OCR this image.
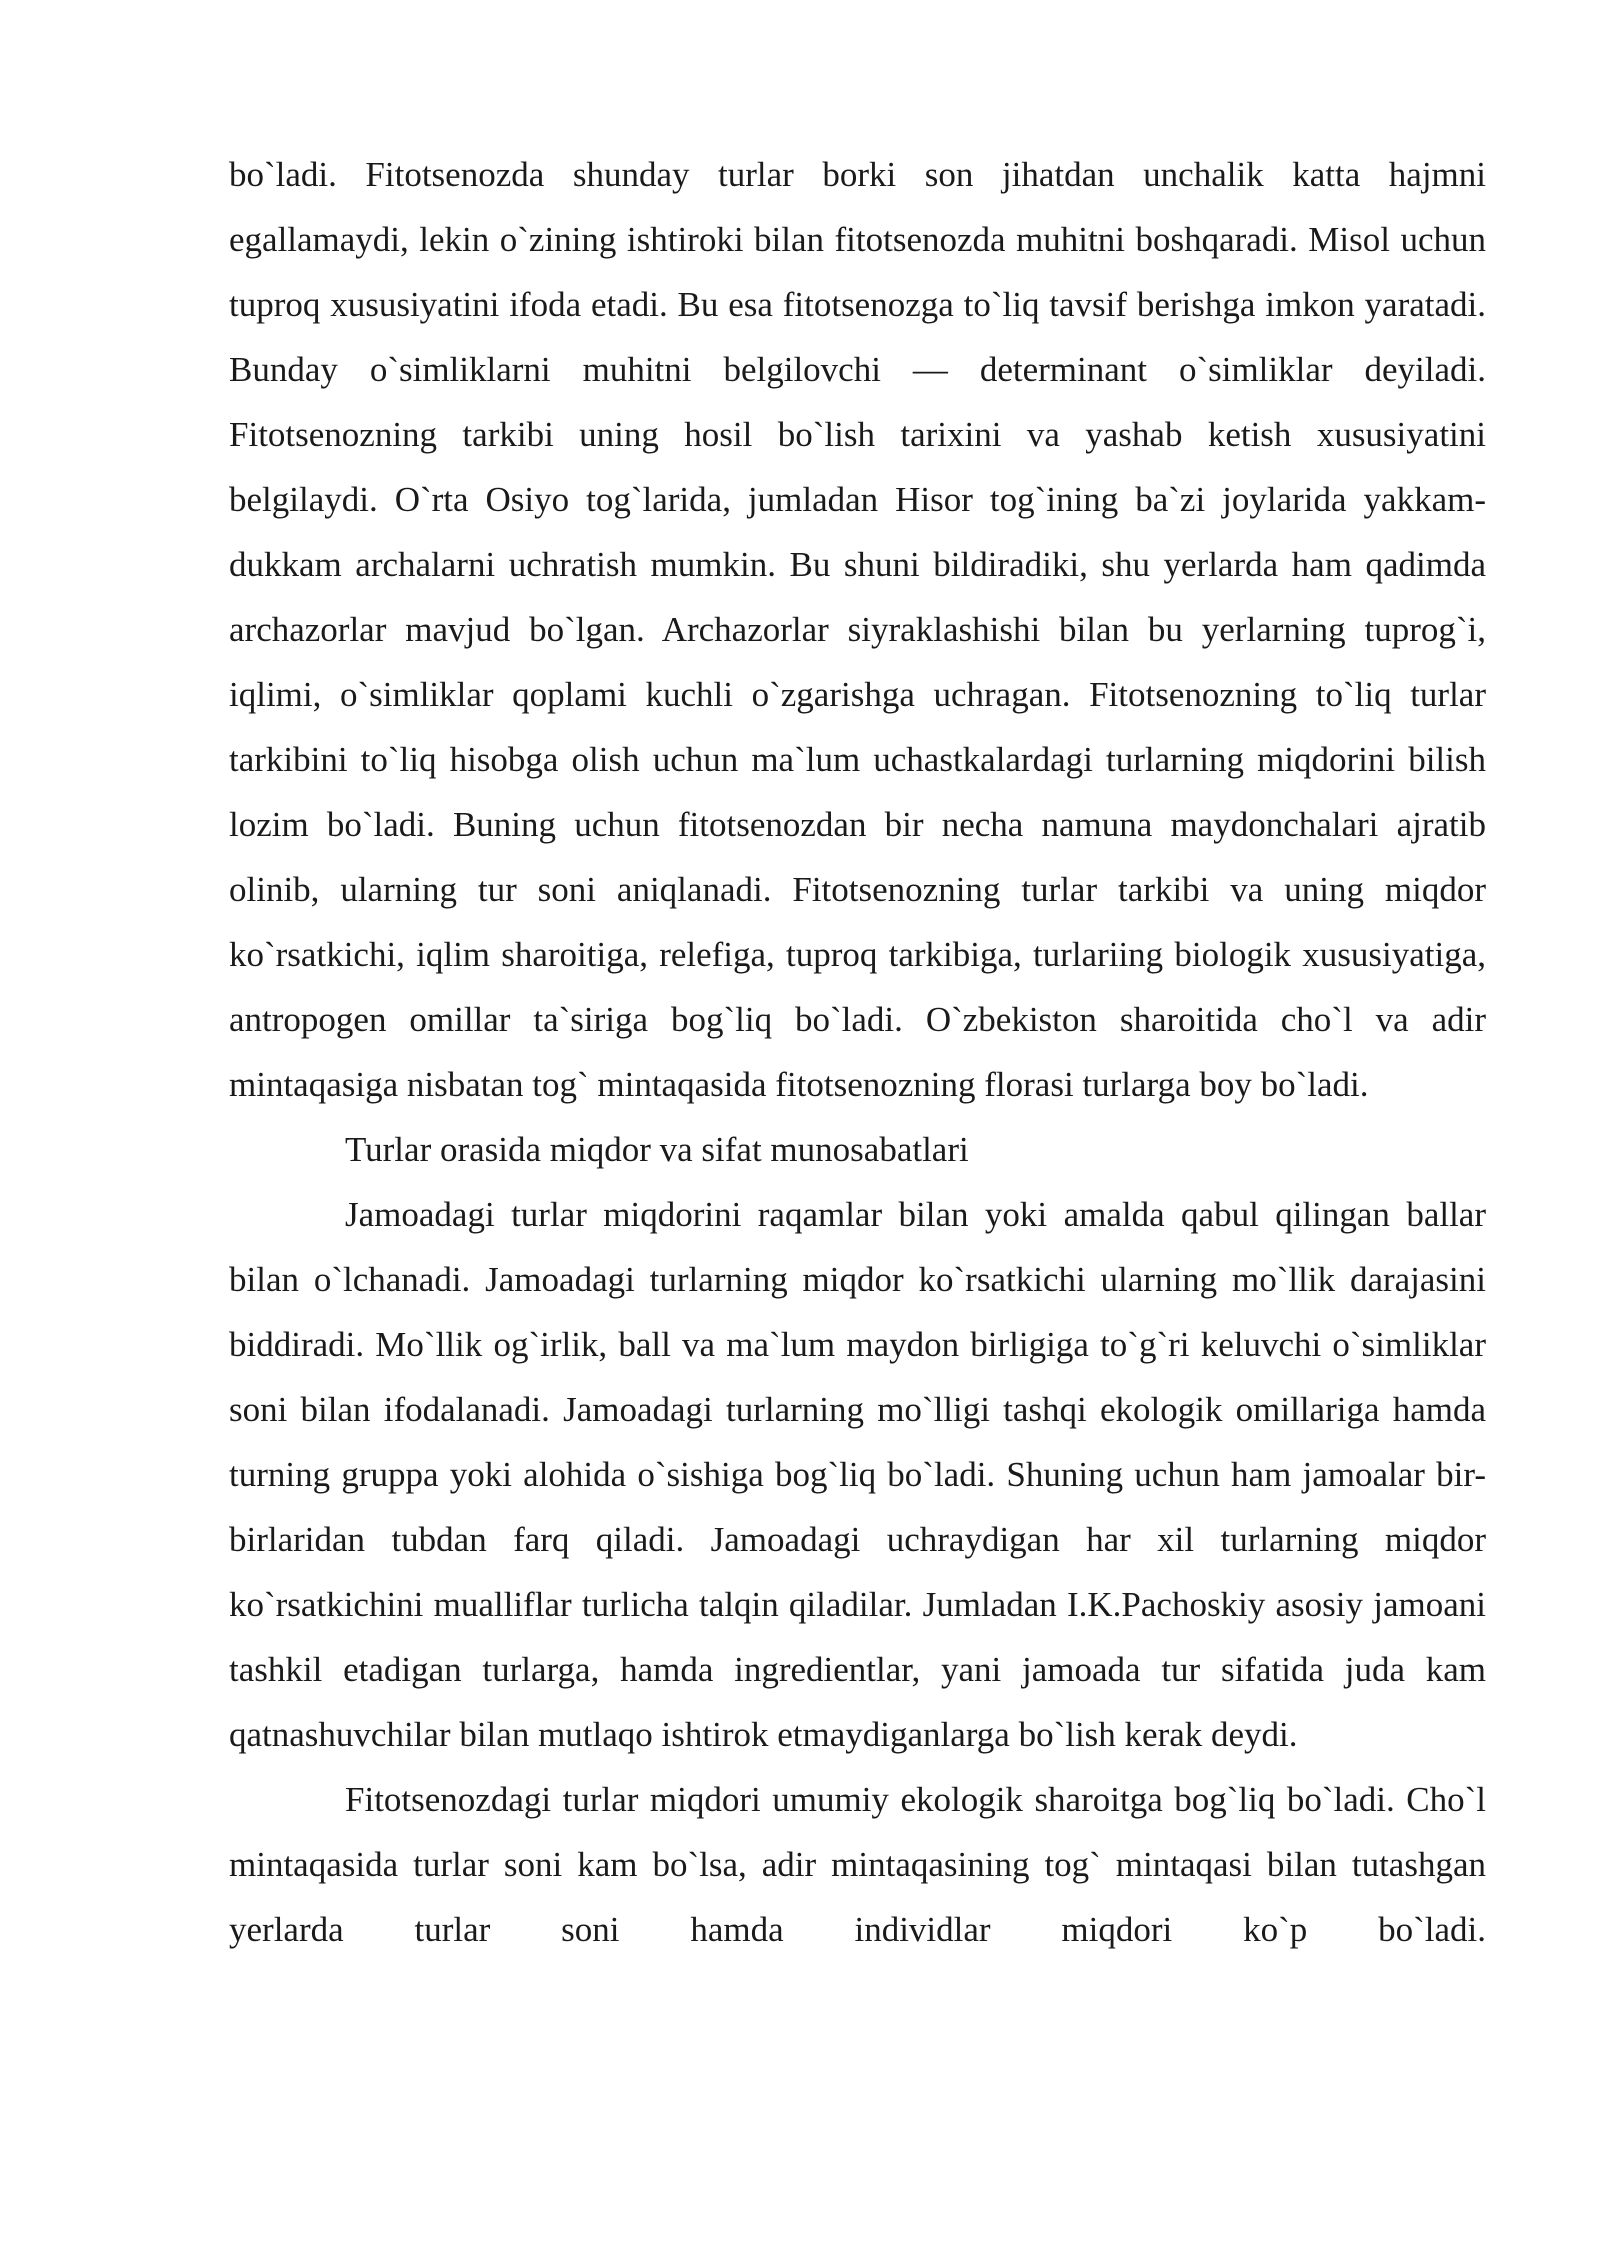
bo`ladi. Fitotsenozda shunday turlar borki son jihatdan unchalik katta hajmni egallamaydi, lekin o`zining ishtiroki bilan fitotsenozda muhitni boshqaradi. Misol uchun tuproq xususiyatini ifoda etadi. Bu esa fitotsenozga to`liq tavsif berishga imkon yaratadi. Bunday o`simliklarni muhitni belgilovchi — determinant o`simliklar deyiladi. Fitotsenozning tarkibi uning hosil bo`lish tarixini va yashab ketish xususiyatini belgilaydi. O`rta Osiyo tog`larida, jumladan Hisor tog`ining ba`zi joylarida yakkam-dukkam archalarni uchratish mumkin. Bu shuni bildiradiki, shu yerlarda ham qadimda archazorlar mavjud bo`lgan. Archazorlar siyraklashishi bilan bu yerlarning tuprog`i, iqlimi, o`simliklar qoplami kuchli o`zgarishga uchragan. Fitotsenozning to`liq turlar tarkibini to`liq hisobga olish uchun ma`lum uchastkalardagi turlarning miqdorini bilish lozim bo`ladi. Buning uchun fitotsenozdan bir necha namuna maydonchalari ajratib olinib, ularning tur soni aniqlanadi. Fitotsenozning turlar tarkibi va uning miqdor ko`rsatkichi, iqlim sharoitiga, relefiga, tuproq tarkibiga, turlariing biologik xususiyatiga, antropogen omillar ta`siriga bog`liq bo`ladi. O`zbekiston sharoitida cho`l va adir mintaqasiga nisbatan tog` mintaqasida fitotsenozning florasi turlarga boy bo`ladi.

Turlar orasida miqdor va sifat munosabatlari

Jamoadagi turlar miqdorini raqamlar bilan yoki amalda qabul qilingan ballar bilan o`lchanadi. Jamoadagi turlarning miqdor ko`rsatkichi ularning mo`llik darajasini biddiradi. Mo`llik og`irlik, ball va ma`lum maydon birligiga to`g`ri keluvchi o`simliklar soni bilan ifodalanadi. Jamoadagi turlarning mo`lligi tashqi ekologik omillariga hamda turning gruppa yoki alohida o`sishiga bog`liq bo`ladi. Shuning uchun ham jamoalar bir-birlaridan tubdan farq qiladi. Jamoadagi uchraydigan har xil turlarning miqdor ko`rsatkichini mualliflar turlicha talqin qiladilar. Jumladan I.K.Pachoskiy asosiy jamoani tashkil etadigan turlarga, hamda ingredientlar, yani jamoada tur sifatida juda kam qatnashuvchilar bilan mutlaqo ishtirok etmaydiganlarga bo`lish kerak deydi.

Fitotsenozdagi turlar miqdori umumiy ekologik sharoitga bog`liq bo`ladi. Cho`l mintaqasida turlar soni kam bo`lsa, adir mintaqasining tog` mintaqasi bilan tutashgan yerlarda turlar soni hamda individlar miqdori ko`p bo`ladi.
